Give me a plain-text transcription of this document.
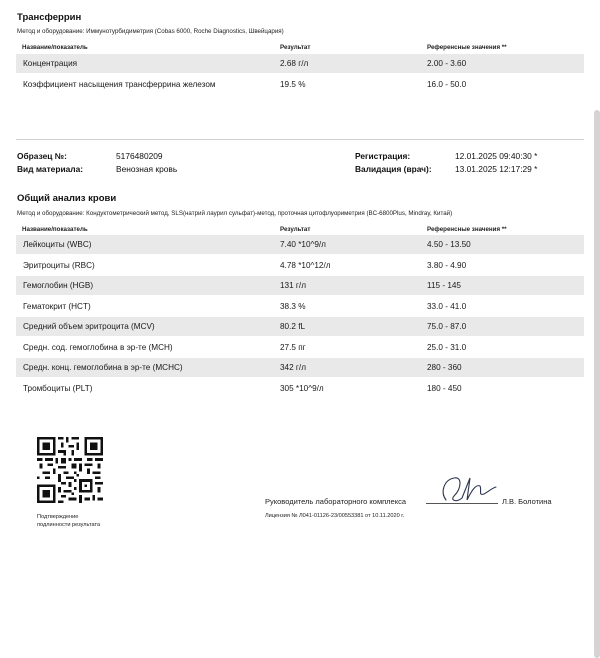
Трансферрин
Метод и оборудование: Иммунотурбидиметрия (Cobas 6000, Roche Diagnostics, Швейцария)
Название/показатель	Результат	Референсные значения **
Концентрация	2.68 г/л	2.00 - 3.60
Коэффициент насыщения трансферрина железом	19.5 %	16.0 - 50.0
Образец №:	5176480209
Вид материала:	Венозная кровь
Регистрация:	12.01.2025 09:40:30 *
Валидация (врач):	13.01.2025 12:17:29 *
Общий анализ крови
Метод и оборудование: Кондуктометрический метод, SLS(натрий лаурил сульфат)-метод, проточная цитофлуориметрия (BC-6800Plus, Mindray, Китай)
Название/показатель	Результат	Референсные значения **
Лейкоциты (WBC)	7.40 *10^9/л	4.50 - 13.50
Эритроциты (RBC)	4.78 *10^12/л	3.80 - 4.90
Гемоглобин (HGB)	131 г/л	115 - 145
Гематокрит (HCT)	38.3 %	33.0 - 41.0
Средний объем эритроцита (MCV)	80.2 fL	75.0 - 87.0
Средн. сод. гемоглобина в эр-те (MCH)	27.5 пг	25.0 - 31.0
Средн. конц. гемоглобина в эр-те (MCHC)	342 г/л	280 - 360
Тромбоциты (PLT)	305 *10^9/л	180 - 450
Подтверждение
подлинности результата
Руководитель лабораторного комплекса	Л.В. Болотина
Лицензия № Л041-01126-23/00553381 от 10.11.2020 г.
